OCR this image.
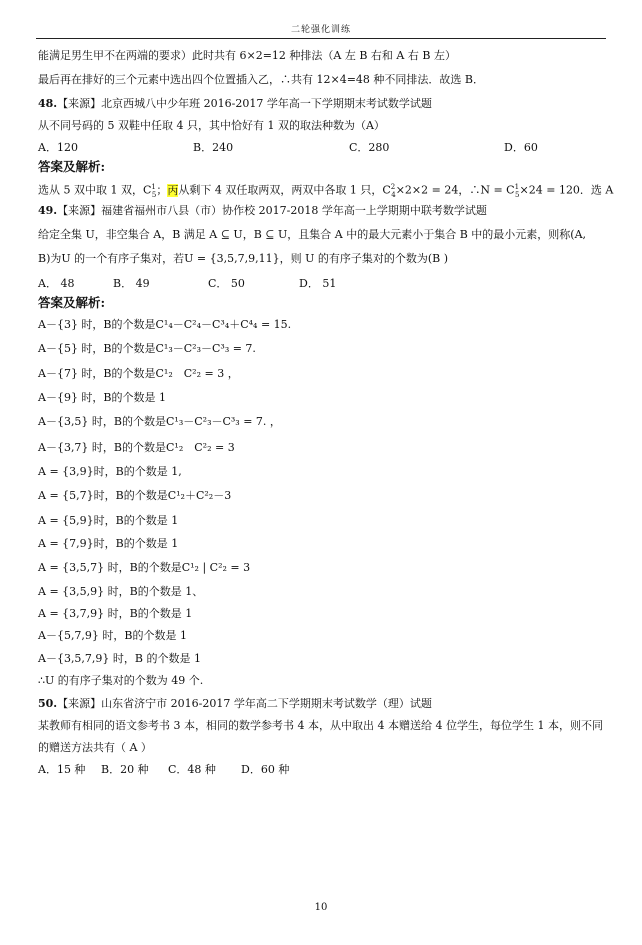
二轮强化训练
能满足男生甲不在两端的要求）此时共有 6×2=12 种排法（A 左 B 右和 A 右 B 左）
最后再在排好的三个元素中选出四个位置插入乙，∴共有 12×4=48 种不同排法．故选 B．
48.【来源】北京西城八中少年班 2016-2017 学年高一下学期期末考试数学试题
从不同号码的 5 双鞋中任取 4 只，其中恰好有 1 双的取法种数为（A）
A．120	B．240	C．280	D．60
答案及解析:
选从 5 双中取 1 双，$C^1_5$；丙从剩下 4 双任取两双，两双中各取 1 只，$C^2_4\times 2\times 2 = 24$，∴N = $C^1_5\times 24 = 120$．选 A
49.【来源】福建省福州市八县（市）协作校 2017-2018 学年高一上学期期中联考数学试题
给定全集 U，非空集合 A，B 满足 A ⊆ U，B ⊆ U，且集合 A 中的最大元素小于集合 B 中的最小元素，则称(A,
B)为U 的一个有序子集对，若U = {3,5,7,9,11}，则 U 的有序子集对的个数为(B )
A． 48	B． 49	C． 50	D． 51
答案及解析:
A－{3} 时，B的个数是C¹₄－C²₄－C³₄＋C⁴₄ = 15.
A－{5} 时，B的个数是C¹₃－C²₃－C³₃ = 7.
A－{7} 时，B的个数是C¹₂　C²₂ = 3 ，
A－{9} 时，B的个数是 1
A－{3,5} 时，B的个数是C¹₃－C²₃－C³₃ = 7. ，
A－{3,7} 时，B的个数是C¹₂　C²₂ = 3
A = {3,9}时，B的个数是 1,
A = {5,7}时，B的个数是C¹₂＋C²₂－3
A = {5,9}时，B的个数是 1
A = {7,9}时，B的个数是 1
A = {3,5,7} 时，B的个数是C¹₂ | C²₂ = 3
A = {3,5,9} 时，B的个数是 1、
A = {3,7,9} 时，B的个数是 1
A－{5,7,9} 时，B的个数是 1
A－{3,5,7,9} 时，B 的个数是 1
∴U 的有序子集对的个数为 49 个.
50.【来源】山东省济宁市 2016-2017 学年高二下学期期末考试数学（理）试题
某教师有相同的语文参考书 3 本，相同的数学参考书 4 本，从中取出 4 本赠送给 4 位学生，每位学生 1 本，则不同
的赠送方法共有（ A ）
A．15 种 B．20 种 C．48 种 D．60 种
10
